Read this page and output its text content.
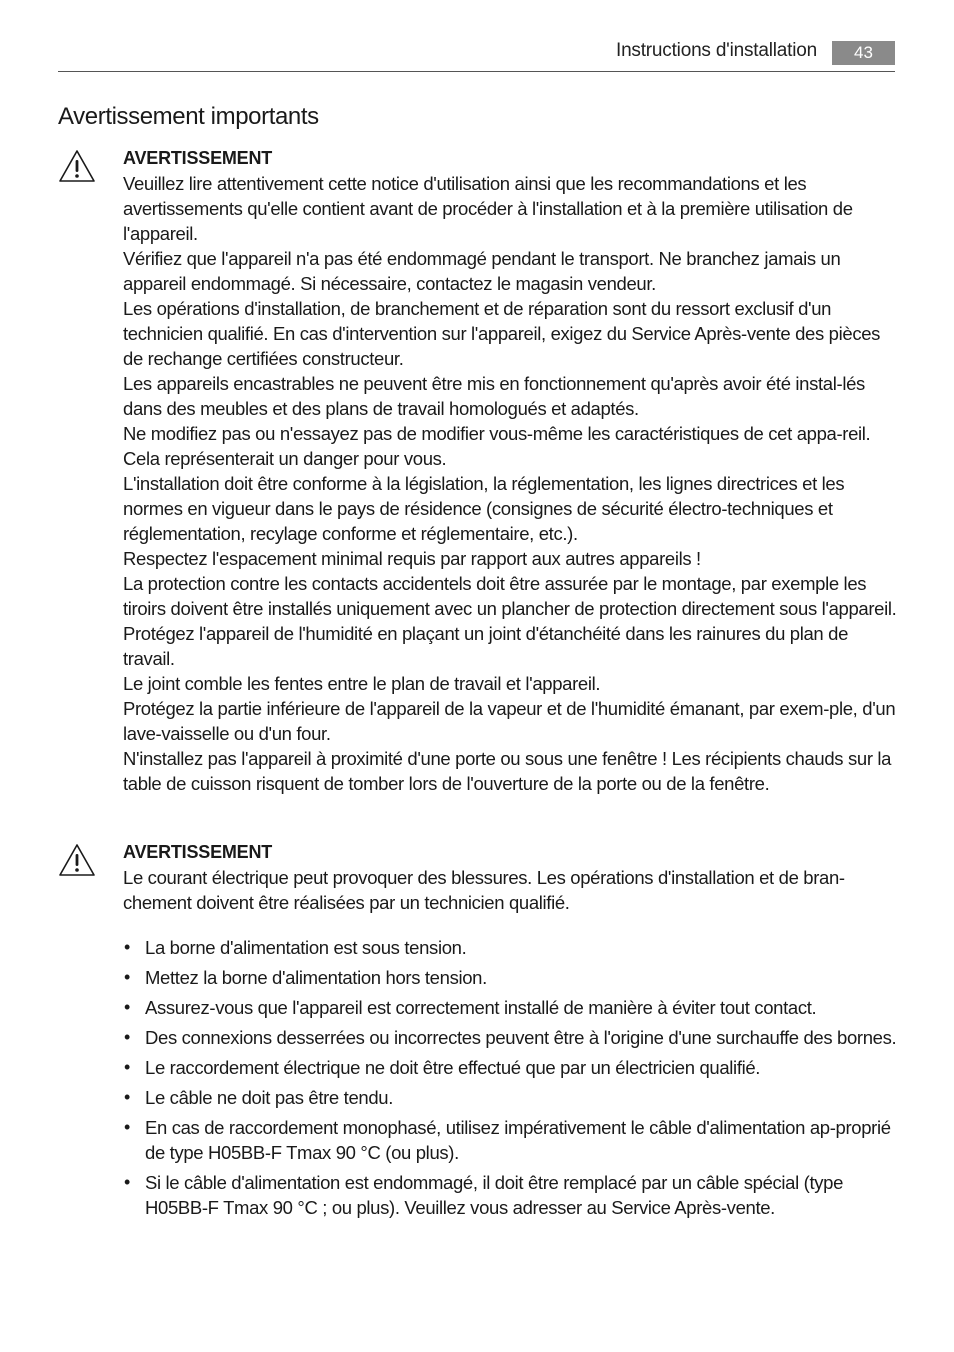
Instructions d'installation	43
Avertissement importants

AVERTISSEMENT

Veuillez lire attentivement cette notice d'utilisation ainsi que les recommandations et les avertissements qu'elle contient avant de procéder à l'installation et à la première utilisation de l'appareil.

Vérifiez que l'appareil n'a pas été endommagé pendant le transport. Ne branchez jamais un appareil endommagé. Si nécessaire, contactez le magasin vendeur.

Les opérations d'installation, de branchement et de réparation sont du ressort exclusif d'un technicien qualifié. En cas d'intervention sur l'appareil, exigez du Service Après-vente des pièces de rechange certifiées constructeur.

Les appareils encastrables ne peuvent être mis en fonctionnement qu'après avoir été instal-lés dans des meubles et des plans de travail homologués et adaptés.

Ne modifiez pas ou n'essayez pas de modifier vous-même les caractéristiques de cet appa-reil. Cela représenterait un danger pour vous.

L'installation doit être conforme à la législation, la réglementation, les lignes directrices et les normes en vigueur dans le pays de résidence (consignes de sécurité électro-techniques et réglementation, recylage conforme et réglementaire, etc.).

Respectez l'espacement minimal requis par rapport aux autres appareils !

La protection contre les contacts accidentels doit être assurée par le montage, par exemple les tiroirs doivent être installés uniquement avec un plancher de protection directement sous l'appareil.

Protégez l'appareil de l'humidité en plaçant un joint d'étanchéité dans les rainures du plan de travail.

Le joint comble les fentes entre le plan de travail et l'appareil.

Protégez la partie inférieure de l'appareil de la vapeur et de l'humidité émanant, par exem-ple, d'un lave-vaisselle ou d'un four.

N'installez pas l'appareil à proximité d'une porte ou sous une fenêtre ! Les récipients chauds sur la table de cuisson risquent de tomber lors de l'ouverture de la porte ou de la fenêtre.

AVERTISSEMENT

Le courant électrique peut provoquer des blessures. Les opérations d'installation et de bran-chement doivent être réalisées par un technicien qualifié.

• La borne d'alimentation est sous tension.
• Mettez la borne d'alimentation hors tension.
• Assurez-vous que l'appareil est correctement installé de manière à éviter tout contact.
• Des connexions desserrées ou incorrectes peuvent être à l'origine d'une surchauffe des bornes.
• Le raccordement électrique ne doit être effectué que par un électricien qualifié.
• Le câble ne doit pas être tendu.
• En cas de raccordement monophasé, utilisez impérativement le câble d'alimentation ap-proprié de type H05BB-F Tmax 90 °C (ou plus).
• Si le câble d'alimentation est endommagé, il doit être remplacé par un câble spécial (type H05BB-F Tmax 90 °C ; ou plus). Veuillez vous adresser au Service Après-vente.
